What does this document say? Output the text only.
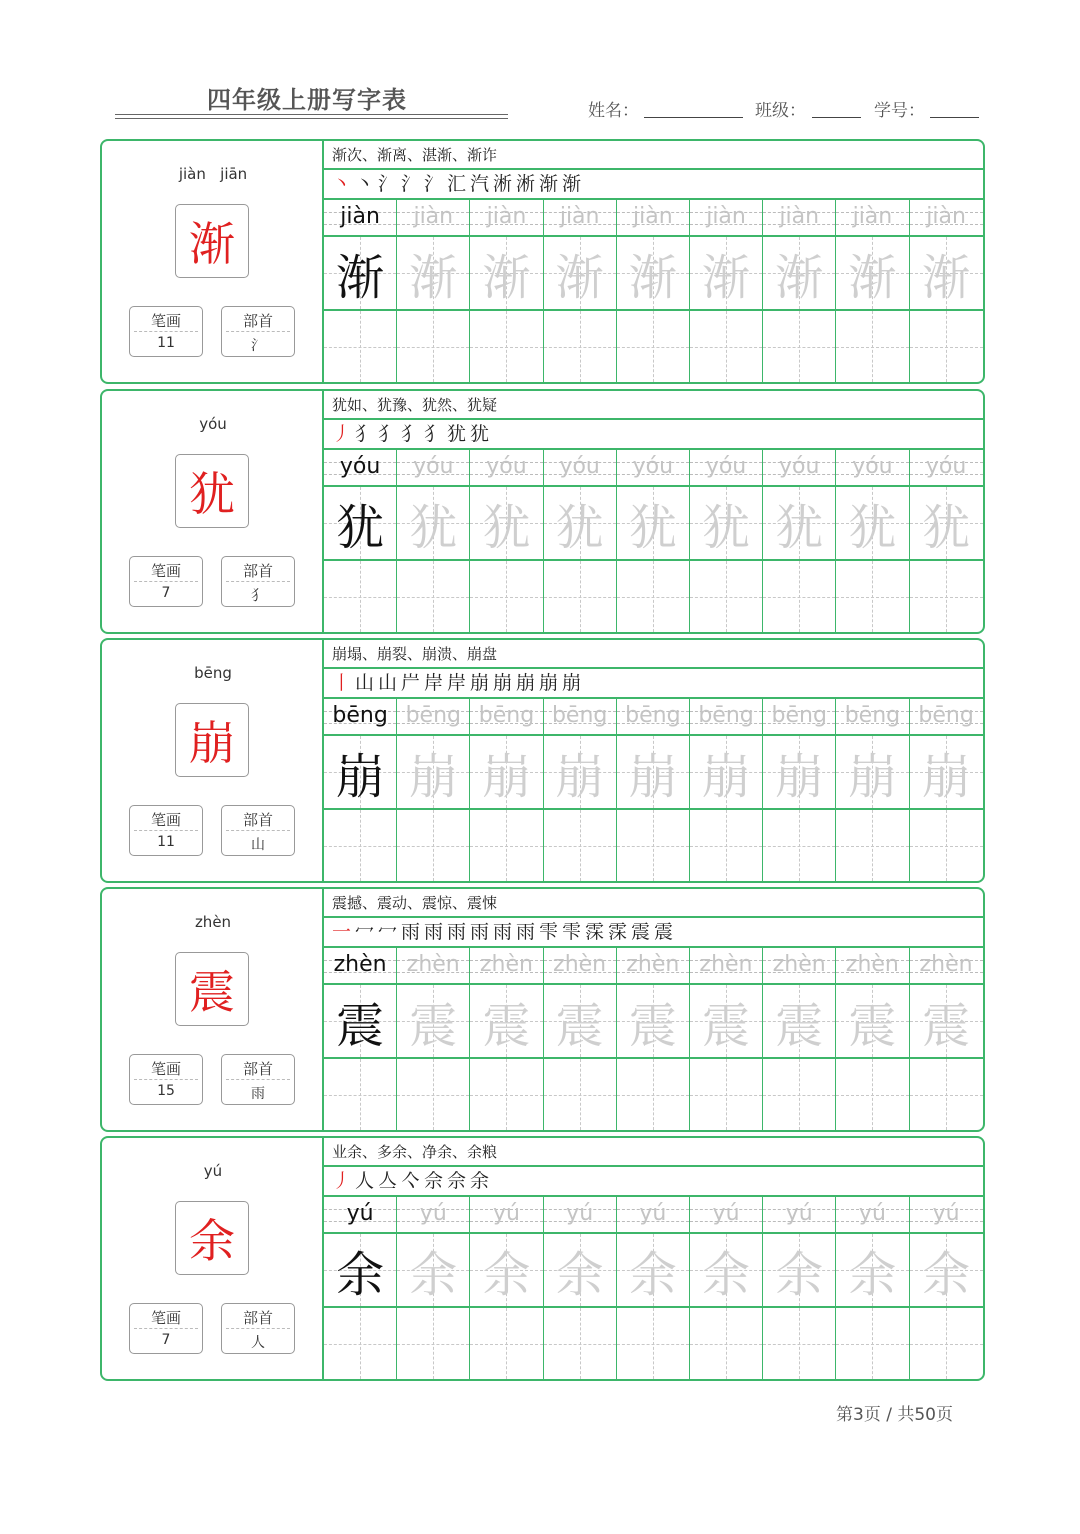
四年级上册写字表	姓名：	班级：	学号：
jiàn   jiān
渐
笔画
11
部首
氵
渐次、渐离、湛渐、渐诈
丶 丶 氵 氵 氵 汇 汽 淅 淅 渐 渐
jiàn	jiàn	jiàn	jiàn	jiàn	jiàn	jiàn	jiàn	jiàn
渐 渐 渐 渐 渐 渐 渐 渐 渐
yóu
犹
笔画
7
部首
犭
犹如、犹豫、犹然、犹疑
丿 犭 犭 犭 犭 犹 犹
yóu	yóu	yóu	yóu	yóu	yóu	yóu	yóu	yóu
犹 犹 犹 犹 犹 犹 犹 犹 犹
bēng
崩
笔画
11
部首
山
崩塌、崩裂、崩溃、崩盘
丨 山 山 屵 岸 岸 崩 崩 崩 崩 崩
bēng bēng bēng bēng bēng bēng bēng bēng bēng
崩 崩 崩 崩 崩 崩 崩 崩 崩
zhèn
震
笔画
15
部首
雨
震撼、震动、震惊、震悚
一 冖 冖 雨 雨 雨 雨 雨 雨 雫 雫 霂 霂 震 震
zhèn zhèn zhèn zhèn zhèn zhèn zhèn zhèn zhèn
震 震 震 震 震 震 震 震 震
yú
余
笔画
7
部首
人
业余、多余、净余、余粮
丿 人 亼 亽 佘 佘 余
yú	yú	yú	yú	yú	yú	yú	yú	yú
余 余 余 余 余 余 余 余 余
第3页 / 共50页
